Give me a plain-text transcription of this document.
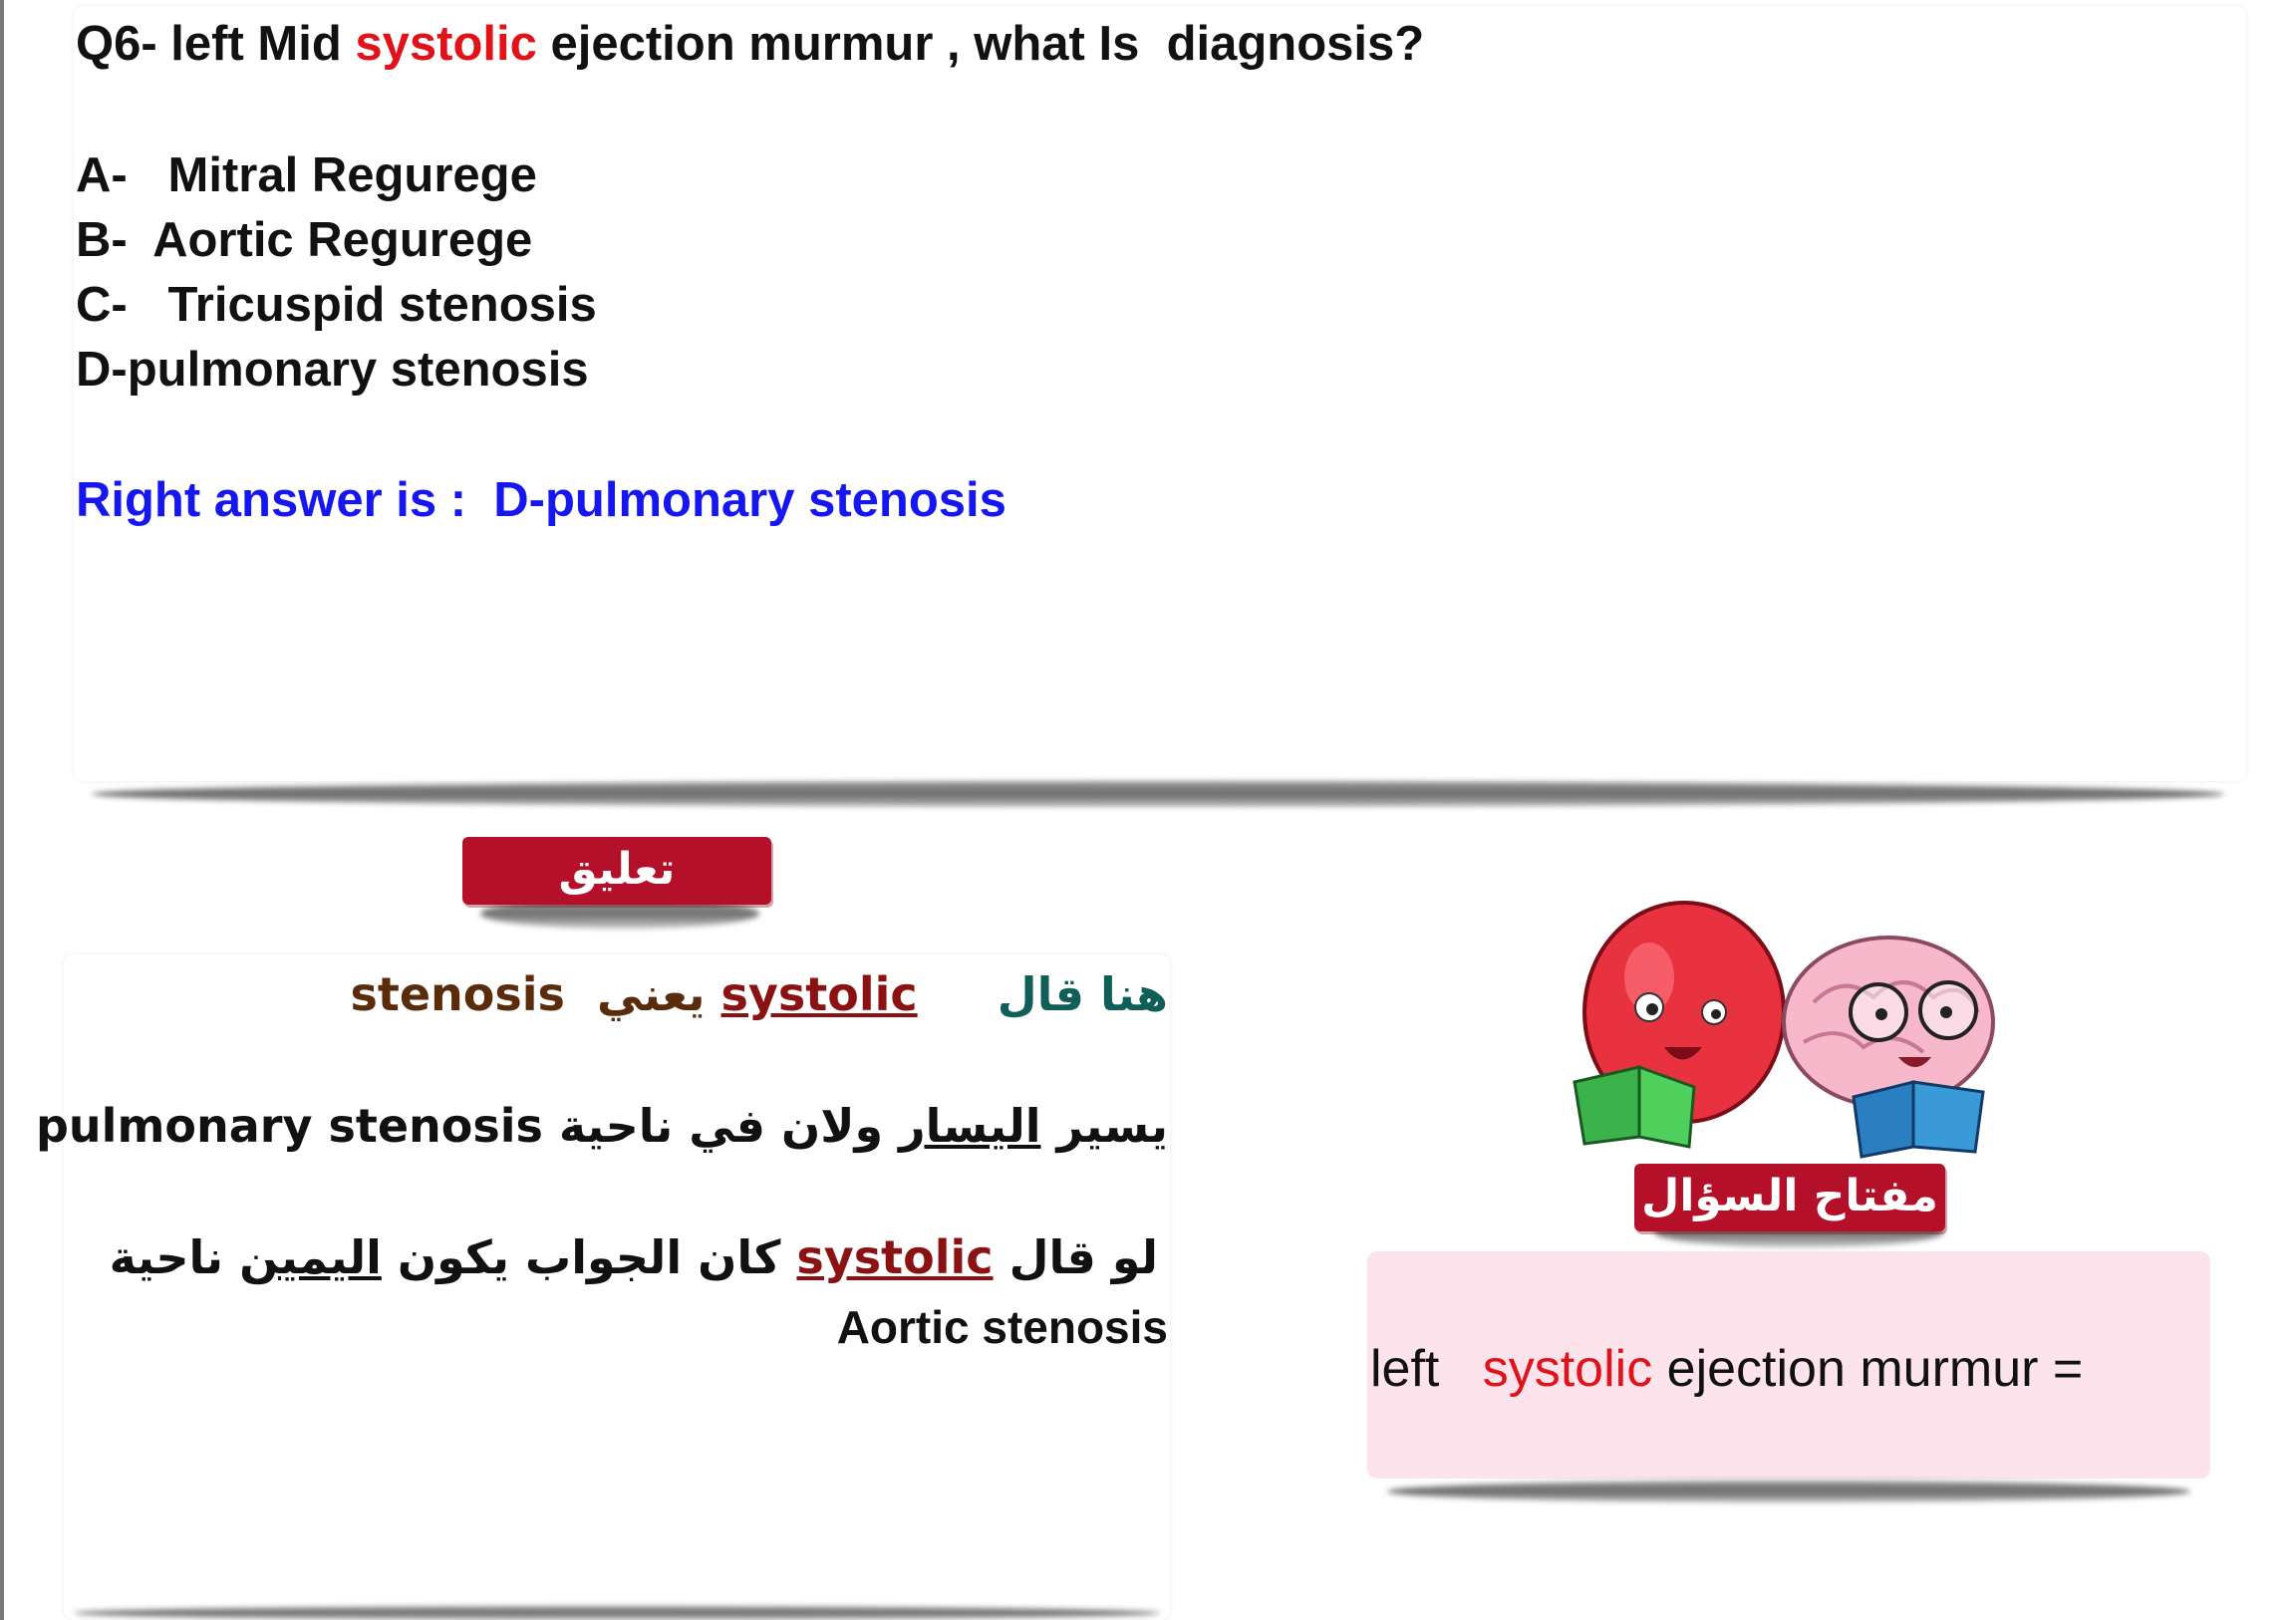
Q6- left Mid systolic ejection murmur , what Is  diagnosis?
A-   Mitral Regurege
B-  Aortic Regurege
C-   Tricuspid stenosis
D-pulmonary stenosis
Right answer is :  D-pulmonary stenosis
تعليق
stenosis يعني systolic هنا قال
pulmonary stenosis	يسير اليسار ولان في ناحية
كان الجواب يكون اليمين ناحية	systolic لو قال
Aortic stenosis
مفتاح السؤال
left   systolic ejection murmur =
